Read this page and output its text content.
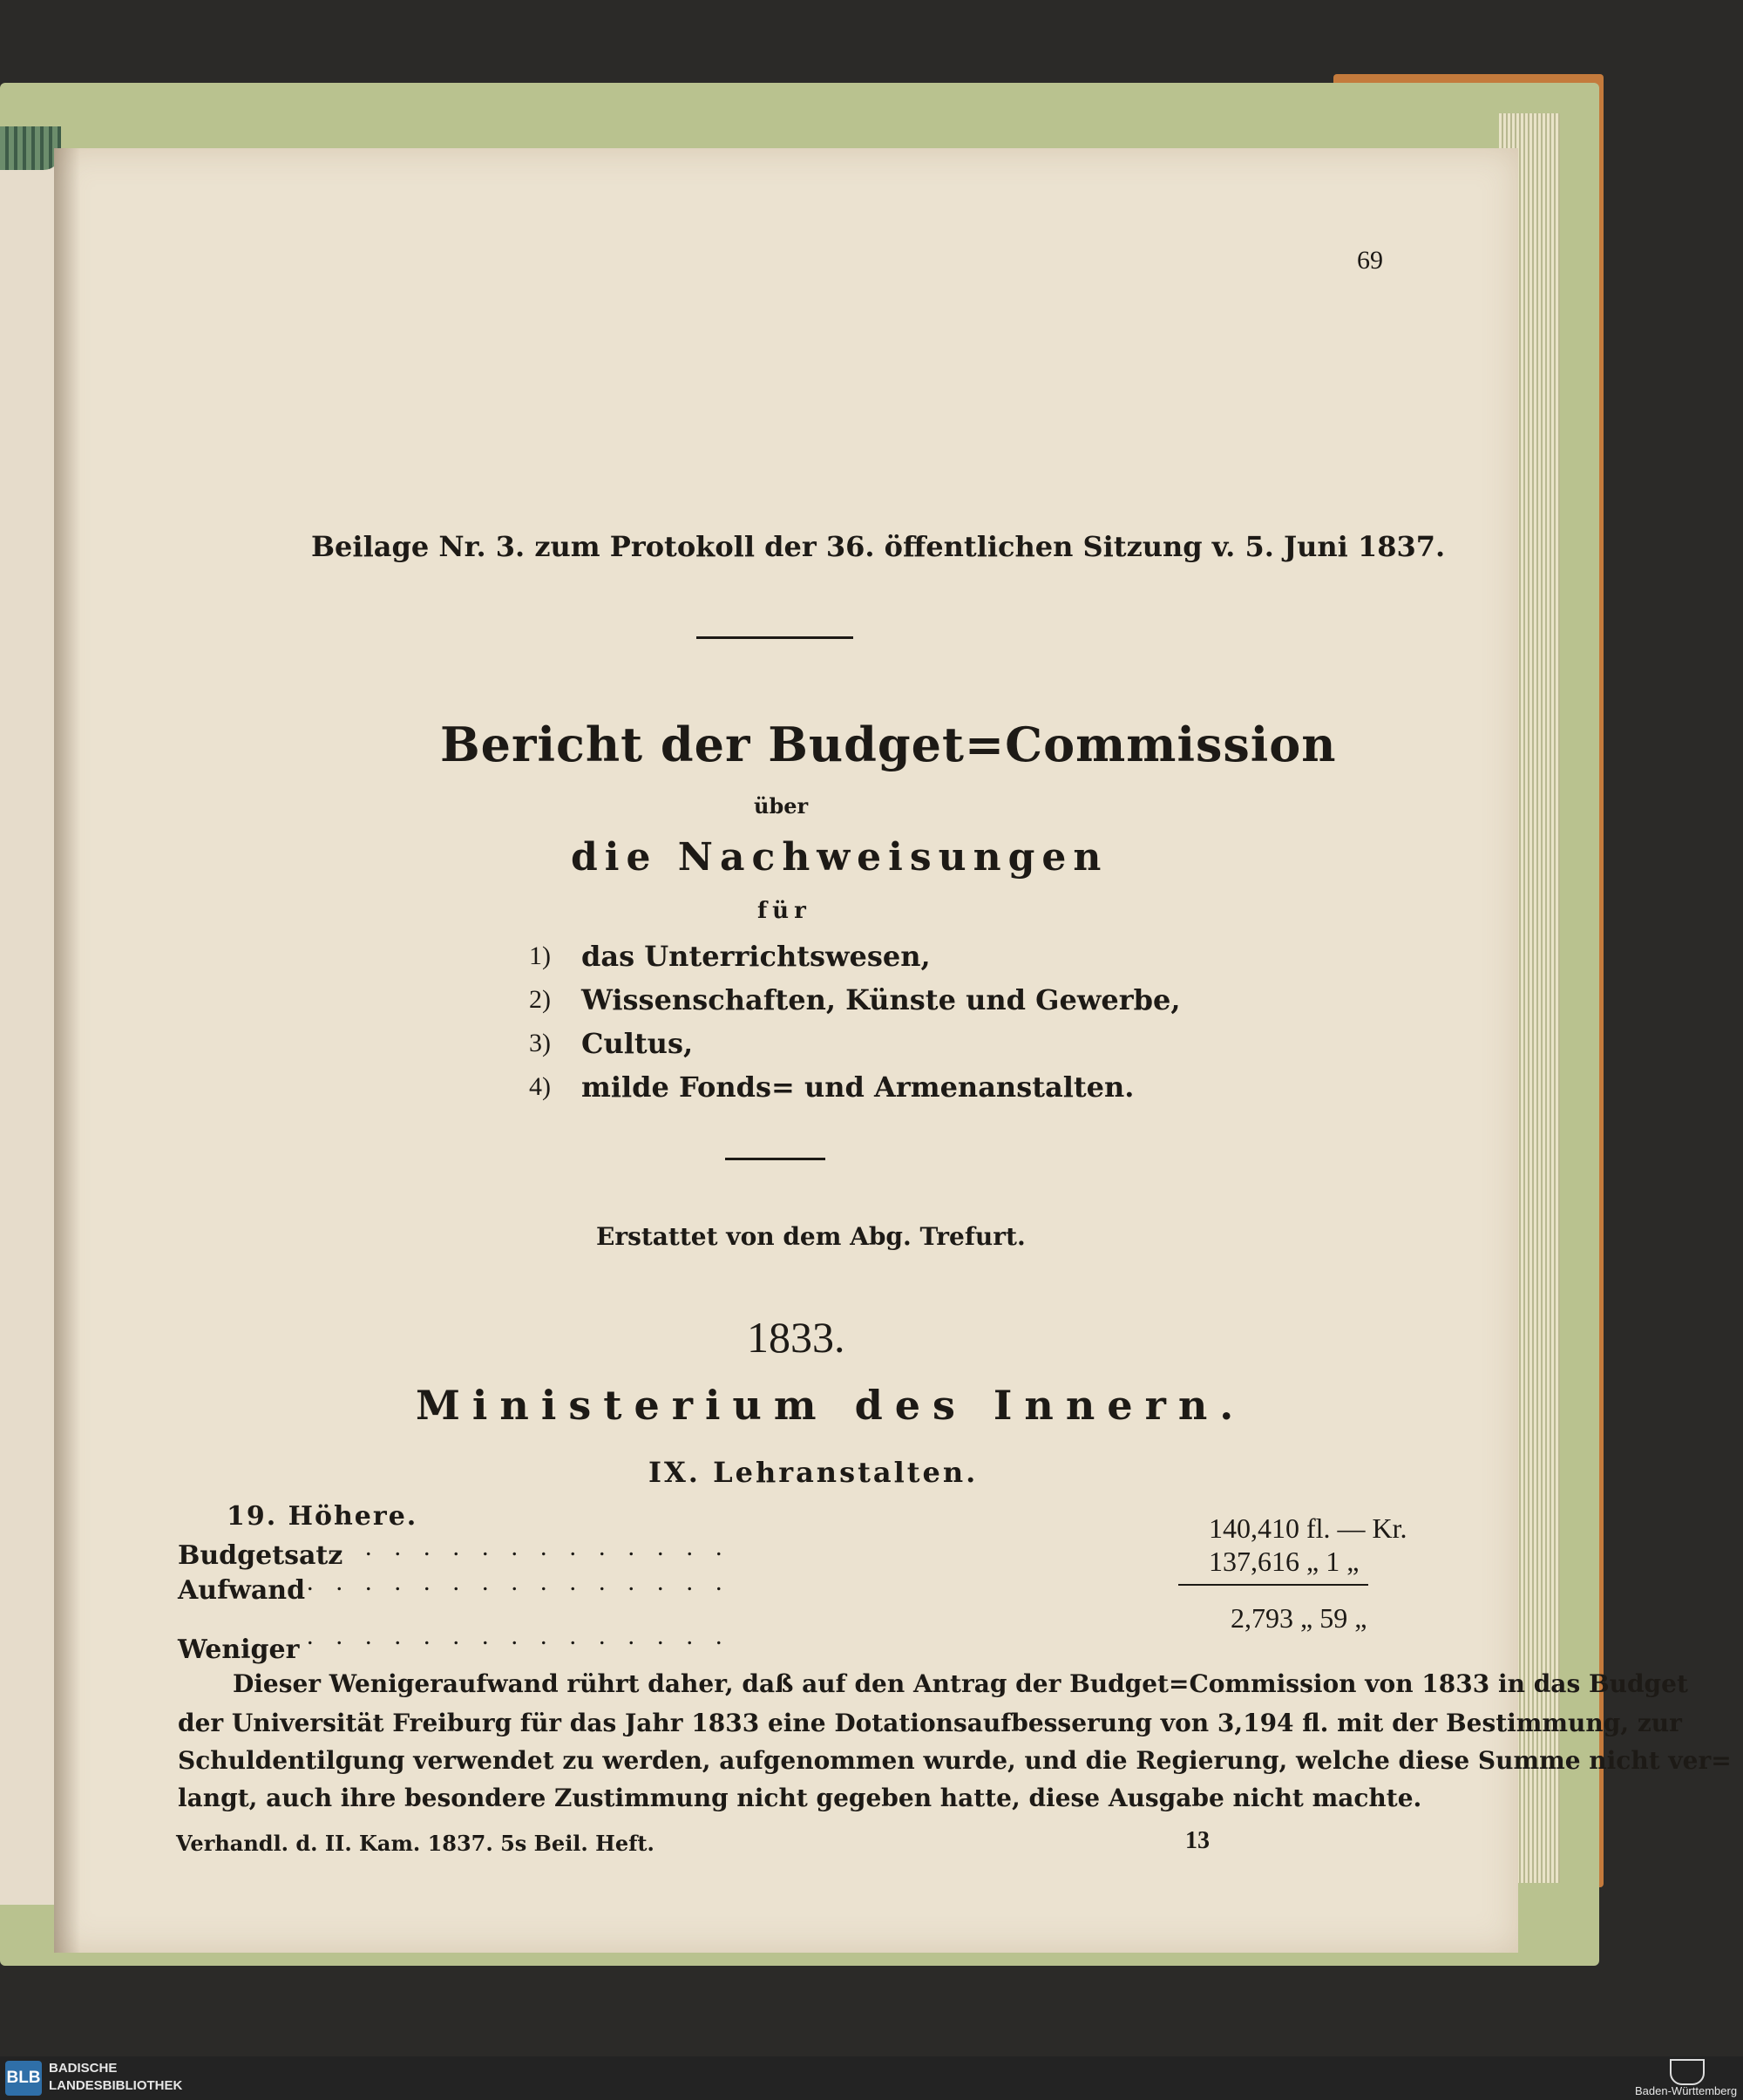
69
Beilage Nr. 3. zum Protokoll der 36. öffentlichen Sitzung v. 5. Juni 1837.
Bericht der Budget=Commission
über
die Nachweisungen
für
1) das Unterrichtswesen,
2) Wissenschaften, Künste und Gewerbe,
3) Cultus,
4) milde Fonds= und Armenanstalten.
Erstattet von dem Abg. Trefurt.
1833.
Ministerium des Innern.
IX. Lehranstalten.
19. Höhere.
Budgetsatz
...............
140,410 fl. — Kr.
Aufwand ...............
137,616 „ 1 „
Weniger ...............
2,793 „ 59 „
Dieser Wenigeraufwand rührt daher, daß auf den Antrag der Budget=Commission von 1833 in das Budget
der Universität Freiburg für das Jahr 1833 eine Dotationsaufbesserung von 3,194 fl. mit der Bestimmung, zur
Schuldentilgung verwendet zu werden, aufgenommen wurde, und die Regierung, welche diese Summe nicht ver=
langt, auch ihre besondere Zustimmung nicht gegeben hatte, diese Ausgabe nicht machte.
Verhandl. d. II. Kam. 1837. 5s Beil. Heft.	13
BLB
BADISCHE
LANDESBIBLIOTHEK	Baden-Württemberg
